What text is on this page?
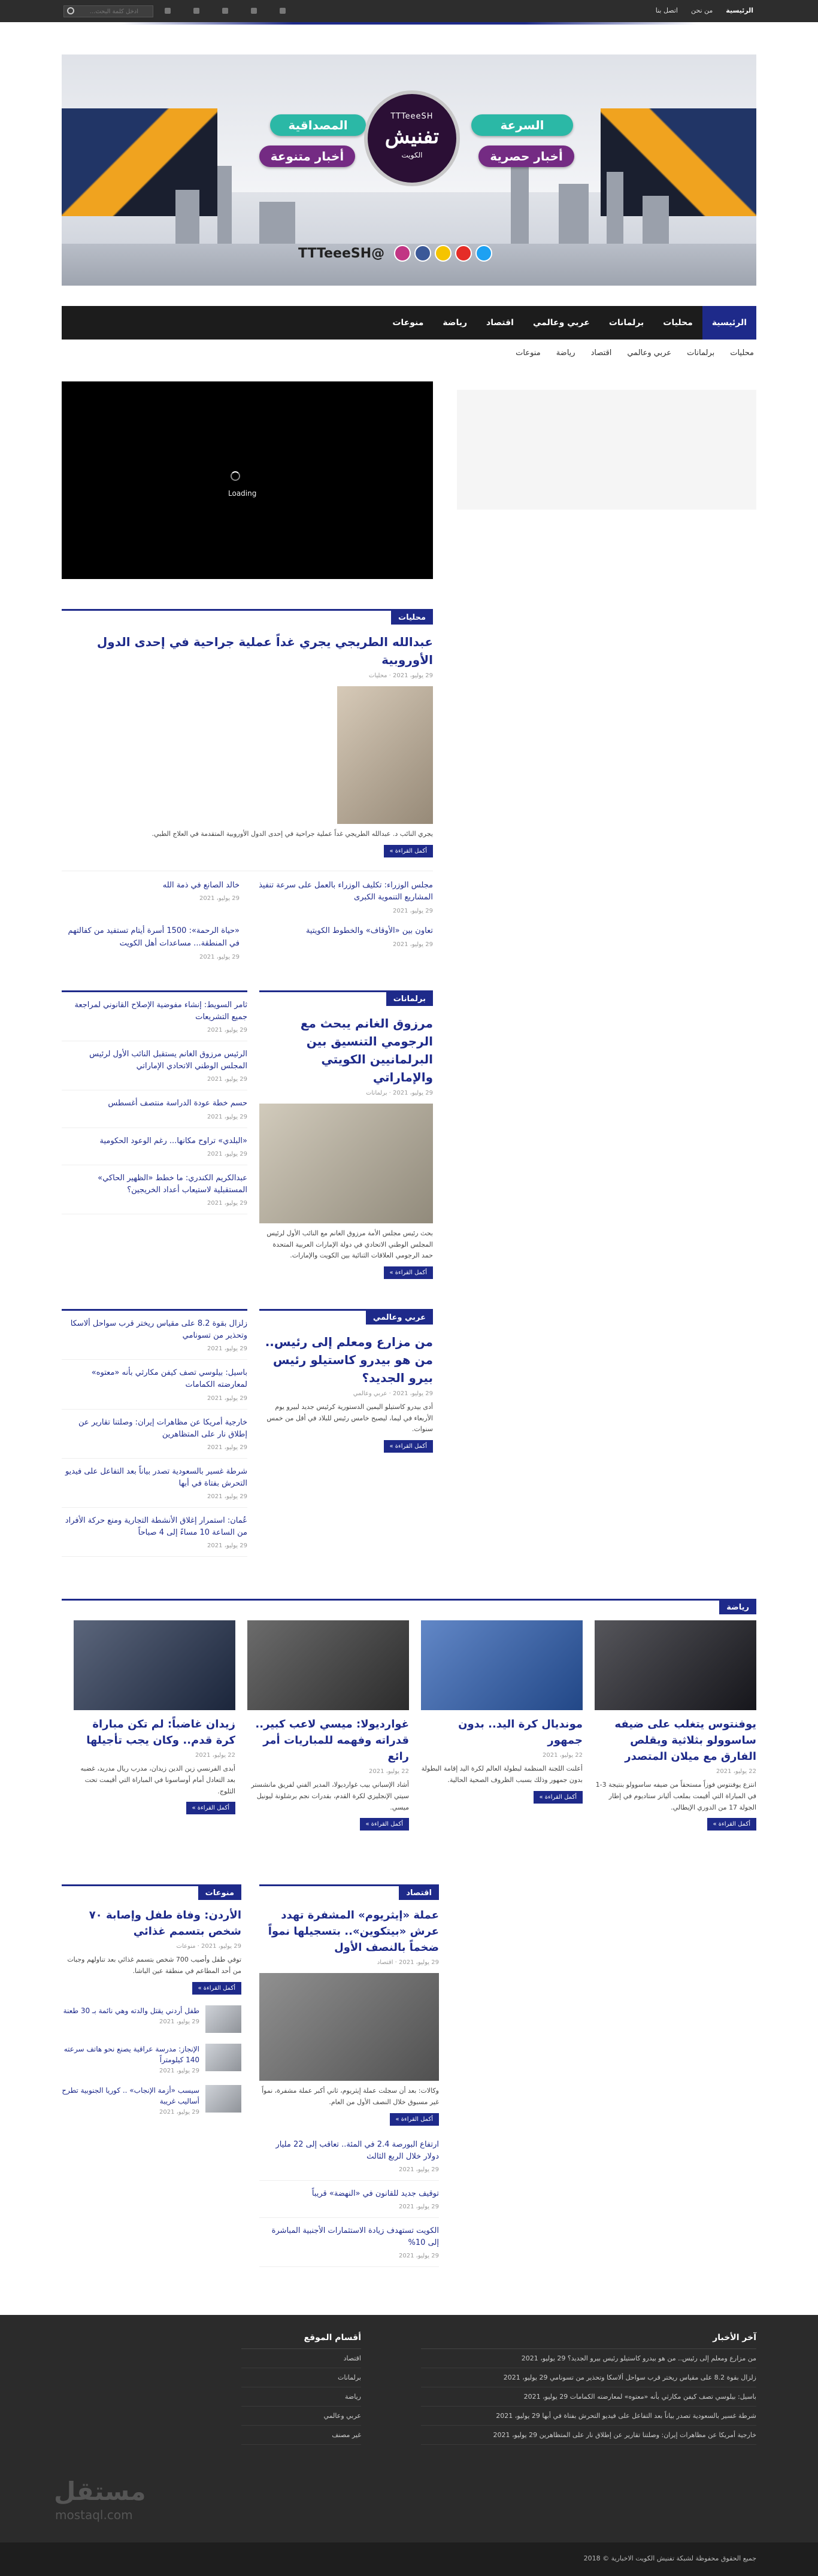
الرئيسية
من نحن
اتصل بنا
ادخل كلمة البحث...
المصداقية	السرعة
أخبار متنوعة	أخبار حصرية
TTTeeeSH
تفنيش
الكويت
@TTTeeeSH
الرئيسية
محليات
برلمانات
عربي وعالمي
اقتصاد
رياضة
منوعات
محليات
برلمانات
عربي وعالمي
اقتصاد
رياضة
منوعات
Loading
محليات
عبدالله الطريجي يجري غداً عملية جراحية في إحدى الدول الأوروبية
29 يوليو، 2021 · محليات
يجري النائب د. عبدالله الطريجي غداً عملية جراحية في إحدى الدول الأوروبية المتقدمة في العلاج الطبي.
أكمل القراءة »
مجلس الوزراء: تكليف الوزراء بالعمل على سرعة تنفيذ المشاريع التنموية الكبرى
29 يوليو، 2021
خالد الصانع في ذمة الله
29 يوليو، 2021
تعاون بين «الأوقاف» والخطوط الكويتية
29 يوليو، 2021
«حياة الرحمة»: 1500 أسرة أيتام تستفيد من كفالتهم في المنطقة... مساعدات أهل الكويت
29 يوليو، 2021
برلمانات
مرزوق الغانم يبحث مع الرجومي التنسيق بين البرلمانيين الكويتي والإماراتي
29 يوليو، 2021 · برلمانات
بحث رئيس مجلس الأمة مرزوق الغانم مع النائب الأول لرئيس المجلس الوطني الاتحادي في دولة الإمارات العربية المتحدة حمد الرجومي العلاقات الثنائية بين الكويت والإمارات.
أكمل القراءة »
ثامر السويط: إنشاء مفوضية الإصلاح القانوني لمراجعة جميع التشريعات
29 يوليو، 2021
الرئيس مرزوق الغانم يستقبل النائب الأول لرئيس المجلس الوطني الاتحادي الإماراتي
29 يوليو، 2021
حسم خطة عودة الدراسة منتصف أغسطس
29 يوليو، 2021
«البلدي» تراوح مكانها... رغم الوعود الحكومية
29 يوليو، 2021
عبدالكريم الكندري: ما خطط «الظهير الحاكي» المستقبلية لاستيعاب أعداد الخريجين؟
29 يوليو، 2021
عربي وعالمي
من مزارع ومعلم إلى رئيس.. من هو بيدرو كاستيلو رئيس بيرو الجديد؟
29 يوليو، 2021 · عربي وعالمي
أدى بيدرو كاستيلو اليمين الدستورية كرئيس جديد لبيرو يوم الأربعاء في ليما، ليصبح خامس رئيس للبلاد في أقل من خمس سنوات.
أكمل القراءة »
زلزال بقوة 8.2 على مقياس ريختر قرب سواحل ألاسكا وتحذير من تسونامي
29 يوليو، 2021
باسيل: بيلوسي تصف كيفن مكارثي بأنه «معتوه» لمعارضته الكمامات
29 يوليو، 2021
خارجية أمريكا عن مظاهرات إيران: وصلتنا تقارير عن إطلاق نار على المتظاهرين
29 يوليو، 2021
شرطة غسير بالسعودية تصدر بياناً بعد التفاعل على فيديو التحرش بفتاة في أبها
29 يوليو، 2021
عُمان: استمرار إغلاق الأنشطة التجارية ومنع حركة الأفراد من الساعة 10 مساءً إلى 4 صباحاً
29 يوليو، 2021
رياضة
يوفنتوس يتغلب على ضيفه ساسوولو بثلاثية ويقلص الفارق مع ميلان المتصدر
22 يوليو، 2021
انتزع يوفنتوس فوزاً مستحقاً من ضيفه ساسوولو بنتيجة 3-1 في المباراة التي أقيمت بملعب أليانز ستاديوم في إطار الجولة 17 من الدوري الإيطالي.
أكمل القراءة »
مونديال كرة اليد.. بدون جمهور
22 يوليو، 2021
أعلنت اللجنة المنظمة لبطولة العالم لكرة اليد إقامة البطولة بدون جمهور وذلك بسبب الظروف الصحية الحالية.
أكمل القراءة »
غوارديولا: ميسي لاعب كبير.. قدراته وفهمه للمباريات أمر رائع
22 يوليو، 2021
أشاد الإسباني بيب غوارديولا، المدير الفني لفريق مانشستر سيتي الإنجليزي لكرة القدم، بقدرات نجم برشلونة ليونيل ميسي.
أكمل القراءة »
زيدان غاضباً: لم تكن مباراة كرة قدم.. وكان يجب تأجيلها
22 يوليو، 2021
أبدى الفرنسي زين الدين زيدان، مدرب ريال مدريد، غضبه بعد التعادل أمام أوساسونا في المباراة التي أقيمت تحت الثلوج.
أكمل القراءة »
اقتصاد
عملة «إيثريوم» المشفرة تهدد عرش «بيتكوين».. بتسجيلها نمواً ضخماً بالنصف الأول
29 يوليو، 2021 · اقتصاد
وكالات: بعد أن سجلت عملة إيثريوم، ثاني أكبر عملة مشفرة، نمواً غير مسبوق خلال النصف الأول من العام.
أكمل القراءة »
ارتفاع البورصة 2.4 في المئة.. تعاقب إلى 22 مليار دولار خلال الربع الثالث
29 يوليو، 2021
توقيف جديد للقانون في «النهضة» قريباً
29 يوليو، 2021
الكويت تستهدف زيادة الاستثمارات الأجنبية المباشرة إلى 10%
29 يوليو، 2021
منوعات
الأردن: وفاة طفل وإصابة ٧٠ شخص بتسمم غذائي
29 يوليو، 2021 · منوعات
توفي طفل وأصيب 700 شخص بتسمم غذائي بعد تناولهم وجبات من أحد المطاعم في منطقة عين الباشا.
أكمل القراءة »
طفل أردني يقتل والدته وهي نائمة بـ 30 طعنة
29 يوليو، 2021
الإنجاز: مدرسة عراقية يصنع نحو هاتف سرعته 140 كيلومتراً
29 يوليو، 2021
سيسب «أزمة الإنجاب» .. كوريا الجنوبية تطرح أساليب غريبة
29 يوليو، 2021
آخر الأخبار
من مزارع ومعلم إلى رئيس.. من هو بيدرو كاستيلو رئيس بيرو الجديد؟ 29 يوليو، 2021
زلزال بقوة 8.2 على مقياس ريختر قرب سواحل ألاسكا وتحذير من تسونامي 29 يوليو، 2021
باسيل: بيلوسي تصف كيفن مكارثي بأنه «معتوه» لمعارضته الكمامات 29 يوليو، 2021
شرطة غسير بالسعودية تصدر بياناً بعد التفاعل على فيديو التحرش بفتاة في أبها 29 يوليو، 2021
خارجية أمريكا عن مظاهرات إيران: وصلتنا تقارير عن إطلاق نار على المتظاهرين 29 يوليو، 2021
أقسام الموقع
اقتصاد
برلمانات
رياضة
عربي وعالمي
غير مصنف
جميع الحقوق محفوظة لشبكة تفنيش الكويت الاخبارية © 2018
مستقل
mostaql.com
